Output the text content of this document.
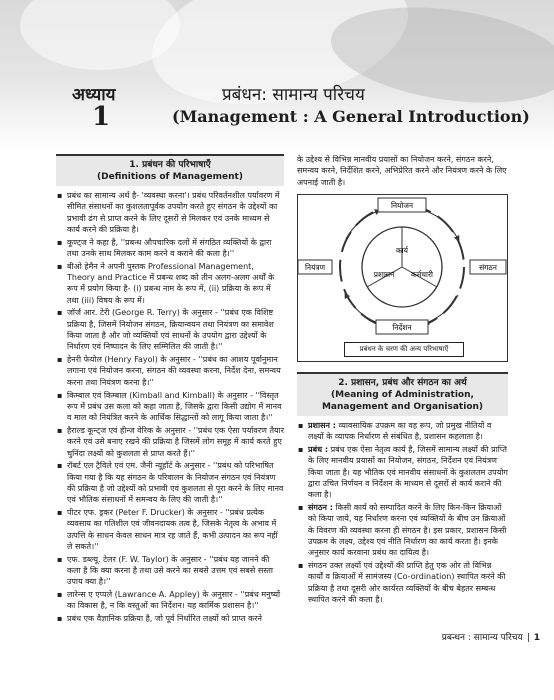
अध्याय
1
प्रबंधन: सामान्य परिचय
(Management : A General Introduction)
1. प्रबंधन की परिभाषाएँ
(Definitions of Management)
▪ प्रबंध का सामान्य अर्थ है- 'व्यवस्था करना'। प्रबंध परिवर्तनशील पर्यावरण में सीमित संसाधनों का कुशलतापूर्वक उपयोग करते हुए संगठन के उद्देश्यों का प्रभावी ढंग से प्राप्त करने के लिए दूसरों से मिलकर एवं उनके माध्यम से कार्य करने की प्रक्रिया है।
▪ कूण्ट्ज ने कहा है, ''प्रबन्ध औपचारिक दलों में संगठित व्यक्तियों के द्वारा तथा उनके साथ मिलकर काम करने व कराने की कला है।''
▪ बीओ हेमैन ने अपनी पुस्तक Professional Management, Theory and Practice में प्रबन्ध शब्द को तीन अलग-अलग अर्थों के रूप में प्रयोग किया है- (i) प्रबन्ध नाम के रूप में, (ii) प्रक्रिया के रूप में तथा (iii) विषय के रूप में।
▪ जॉर्ज आर. टेरी (George R. Terry) के अनुसार - ''प्रबंध एक विशिष्ट प्रक्रिया है, जिसमें नियोजन संगठन, क्रियान्वयन तथा नियंत्रण का समावेश किया जाता है और जो व्यक्तियों एवं साधनों के उपयोग द्वारा उद्देश्यों के निर्धारण एवं निष्पादन के लिए सम्मिलित की जाती है।''
▪ हेनरी फेयोल (Henry Fayol) के अनुसार - ''प्रबंध का आशय पूर्वानुमान लगाना एवं नियोजन करना, संगठन की व्यवस्था करना, निर्देश देना, समन्वय करना तथा नियंत्रण करना है।''
▪ किम्बाल एवं किम्बाल (Kimball and Kimball) के अनुसार - ''विस्तृत रूप में प्रबंध उस कला को कहा जाता है, जिसके द्वारा किसी उद्योग में मानव व माल को नियंत्रित करने के आर्थिक सिद्धान्तों को लागू किया जाता है।''
▪ हैराल्ड कून्ट्ज एवं हीन्ज वेरिक के अनुसार - ''प्रबंध एक ऐसा पर्यावरण तैयार करने एवं उसे बनाए रखने की प्रक्रिया है जिसमें लोग समूह में कार्य करते हुए चुनिंदा लक्ष्यों को कुशलता से प्राप्त करते हैं।''
▪ रॉबर्ट एल ट्रैविले एवं एम. जैनी न्यूहॉर्ट के अनुसार - ''प्रबंध को परिभाषित किया गया है कि यह संगठन के परिवालन के नियोजन संगठन एवं नियंत्रण की प्रक्रिया है जो उद्देश्यों को प्रभावी एवं कुशलता से पूरा करने के लिए मानव एवं भौतिक संसाधनों में समन्वय के लिए की जाती है।''
▪ पीटर एफ. ड्रकर (Peter F. Drucker) के अनुसार - ''प्रबंध प्रत्येक व्यवसाय का गतिशील एवं जीवनदायक तत्व है, जिसके नेतृत्व के अभाव में उत्पत्ति के साधन केवल साधन मात्र रह जाते हैं, कभी उत्पादन का रूप नहीं ले सकते।''
▪ एफ. डब्ल्यू. टेलर (F. W. Taylor) के अनुसार - ''प्रबंध यह जानने की कला है कि क्या करना है तथा उसे करने का सबसे उत्तम एवं सबसे सस्ता उपाय क्या है।''
▪ लारेन्स ए एप्पले (Lawrance A. Appley) के अनुसार - ''प्रबंध मनुष्यों का विकास है, न कि वस्तुओं का निर्देशन। यह कार्मिक प्रशासन है।''
▪ प्रबंध एक वैज्ञानिक प्रक्रिया है, जो पूर्व निर्धारित लक्ष्यों को प्राप्त करने

के उद्देश्य से विभिन्न मानवीय प्रयासों का नियोजन करने, संगठन करने, समन्वय करने, निर्देशित करने, अभिप्रेरित करने और नियंत्रण करने के लिए अपनाई जाती है।

नियोजन
नियंत्रण	संगठन
निर्देशन
कार्य
प्रशासन कर्मचारी
प्रबंधन के चरण की अन्य परिभाषाएँ
2. प्रशासन, प्रबंध और संगठन का अर्थ
(Meaning of Administration, Management and Organisation)
▪ प्रशासन : व्यावसायिक उपक्रम का वह रूप, जो प्रमुख नीतियों व लक्ष्यों के व्यापक निर्धारण से संबंधित है, प्रशासन कहलाता है।
▪ प्रबंध : प्रबंध एक ऐसा नेतृत्व कार्य है, जिसमें सामान्य लक्ष्यों की प्राप्ति के लिए मानवीय प्रयासों का नियोजन, संगठन, निर्देशन एवं नियंत्रण किया जाता है। यह भौतिक एवं मानवीय संसाधनों के कुशलतम उपयोग द्वारा उचित निर्णयन व निर्देशन के माध्यम से दूसरों से कार्य कराने की कला है।
▪ संगठन : किसी कार्य को सम्पादित करने के लिए किन-किन क्रियाओं को किया जाये, यह निर्धारण करना एवं व्यक्तियों के बीच उन क्रियाओं के विवरण की व्यवस्था करना ही संगठन है। इस प्रकार, प्रशासन किसी उपक्रम के लक्ष्य, उद्देश्य एवं नीति निर्धारण का कार्य करता है। इनके अनुसार कार्य करवाना प्रबंध का दायित्व है।
▪ संगठन उक्त लक्ष्यों एवं उद्देश्यों की प्राप्ति हेतु एक ओर तो विभिन्न कार्यों व क्रियाओं में सामंजस्य (Co-ordination) स्थापित करने की प्रक्रिया है तथा दूसरी ओर कार्यरत व्यक्तियों के बीच बेहतर सम्बन्ध स्थापित करने की कला है।
प्रबन्धन : सामान्य परिचय 1
